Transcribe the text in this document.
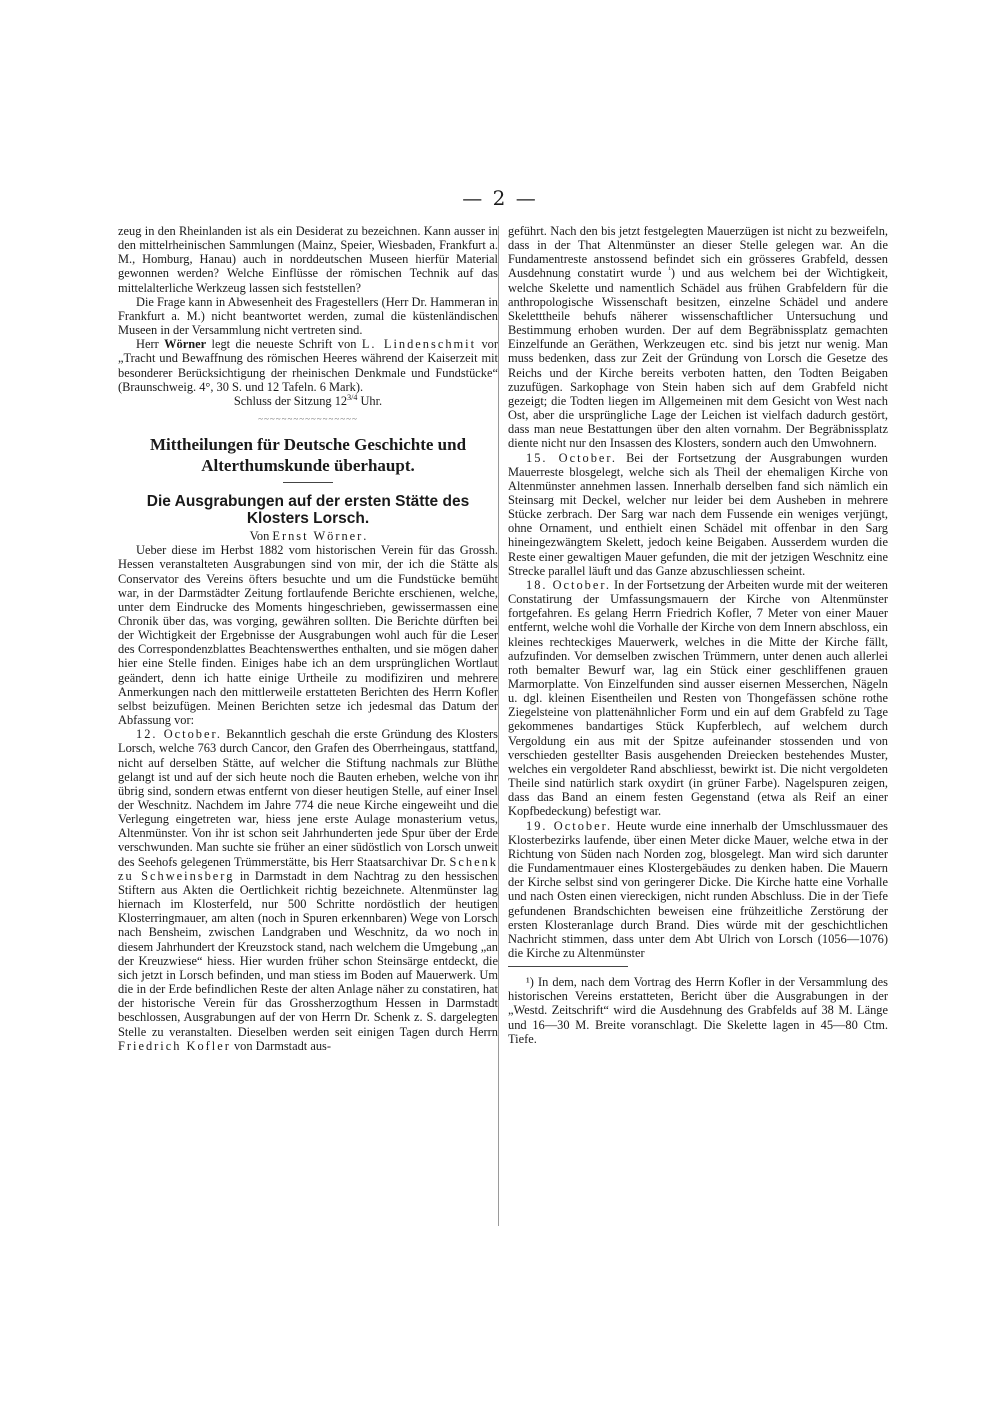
— 2 —

zeug in den Rheinlanden ist als ein Desiderat zu bezeichnen. Kann ausser in den mittelrheinischen Sammlungen (Mainz, Speier, Wiesbaden, Frankfurt a. M., Homburg, Hanau) auch in norddeutschen Museen hierfür Material gewonnen werden? Welche Einflüsse der römischen Technik auf das mittelalterliche Werkzeug lassen sich feststellen?

Die Frage kann in Abwesenheit des Fragestellers (Herr Dr. Hammeran in Frankfurt a. M.) nicht beantwortet werden, zumal die küstenländischen Museen in der Versammlung nicht vertreten sind.

Herr Wörner legt die neueste Schrift von L. Lindenschmit vor „Tracht und Bewaffnung des römischen Heeres während der Kaiserzeit mit besonderer Berücksichtigung der rheinischen Denkmale und Fundstücke“ (Braunschweig. 4°, 30 S. und 12 Tafeln. 6 Mark).

Schluss der Sitzung $12^{3/4}$ Uhr.

~~~~~~~~~~~~~~~~~
Mittheilungen für Deutsche Geschichte und Alterthumskunde überhaupt.
Die Ausgrabungen auf der ersten Stätte des Klosters Lorsch.

Von Ernst Wörner.

Ueber diese im Herbst 1882 vom historischen Verein für das Grossh. Hessen veranstalteten Ausgrabungen sind von mir, der ich die Stätte als Conservator des Vereins öfters besuchte und um die Fundstücke bemüht war, in der Darmstädter Zeitung fortlaufende Berichte erschienen, welche, unter dem Eindrucke des Moments hingeschrieben, gewissermassen eine Chronik über das, was vorging, gewähren sollten. Die Berichte dürften bei der Wichtigkeit der Ergebnisse der Ausgrabungen wohl auch für die Leser des Correspondenzblattes Beachtenswerthes enthalten, und sie mögen daher hier eine Stelle finden. Einiges habe ich an dem ursprünglichen Wortlaut geändert, denn ich hatte einige Urtheile zu modifiziren und mehrere Anmerkungen nach den mittlerweile erstatteten Berichten des Herrn Kofler selbst beizufügen. Meinen Berichten setze ich jedesmal das Datum der Abfassung vor:

12. October. Bekanntlich geschah die erste Gründung des Klosters Lorsch, welche 763 durch Cancor, den Grafen des Oberrheingaus, stattfand, nicht auf derselben Stätte, auf welcher die Stiftung nachmals zur Blüthe gelangt ist und auf der sich heute noch die Bauten erheben, welche von ihr übrig sind, sondern etwas entfernt von dieser heutigen Stelle, auf einer Insel der Weschnitz. Nachdem im Jahre 774 die neue Kirche eingeweiht und die Verlegung eingetreten war, hiess jene erste Aulage monasterium vetus, Altenmünster. Von ihr ist schon seit Jahrhunderten jede Spur über der Erde verschwunden. Man suchte sie früher an einer südöstlich von Lorsch unweit des Seehofs gelegenen Trümmerstätte, bis Herr Staatsarchivar Dr. Schenk zu Schweinsberg in Darmstadt in dem Nachtrag zu den hessischen Stiftern aus Akten die Oertlichkeit richtig bezeichnete. Altenmünster lag hiernach im Klosterfeld, nur 500 Schritte nordöstlich der heutigen Klosterringmauer, am alten (noch in Spuren erkennbaren) Wege von Lorsch nach Bensheim, zwischen Landgraben und Weschnitz, da wo noch in diesem Jahrhundert der Kreuzstock stand, nach welchem die Umgebung „an der Kreuzwiese“ hiess. Hier wurden früher schon Steinsärge entdeckt, die sich jetzt in Lorsch befinden, und man stiess im Boden auf Mauerwerk. Um die in der Erde befindlichen Reste der alten Anlage näher zu constatiren, hat der historische Verein für das Grossherzogthum Hessen in Darmstadt beschlossen, Ausgrabungen auf der von Herrn Dr. Schenk z. S. dargelegten Stelle zu veranstalten. Dieselben werden seit einigen Tagen durch Herrn Friedrich Kofler von Darmstadt aus-

geführt. Nach den bis jetzt festgelegten Mauerzügen ist nicht zu bezweifeln, dass in der That Altenmünster an dieser Stelle gelegen war. An die Fundamentreste anstossend befindet sich ein grösseres Grabfeld, dessen Ausdehnung constatirt wurde $^{^1}$) und aus welchem bei der Wichtigkeit, welche Skelette und namentlich Schädel aus frühen Grabfeldern für die anthropologische Wissenschaft besitzen, einzelne Schädel und andere Skeletttheile behufs näherer wissenschaftlicher Untersuchung und Bestimmung erhoben wurden. Der auf dem Begräbnissplatz gemachten Einzelfunde an Geräthen, Werkzeugen etc. sind bis jetzt nur wenig. Man muss bedenken, dass zur Zeit der Gründung von Lorsch die Gesetze des Reichs und der Kirche bereits verboten hatten, den Todten Beigaben zuzufügen. Sarkophage von Stein haben sich auf dem Grabfeld nicht gezeigt; die Todten liegen im Allgemeinen mit dem Gesicht von West nach Ost, aber die ursprüngliche Lage der Leichen ist vielfach dadurch gestört, dass man neue Bestattungen über den alten vornahm. Der Begräbnissplatz diente nicht nur den Insassen des Klosters, sondern auch den Umwohnern.

15. October. Bei der Fortsetzung der Ausgrabungen wurden Mauerreste blosgelegt, welche sich als Theil der ehemaligen Kirche von Altenmünster annehmen lassen. Innerhalb derselben fand sich nämlich ein Steinsarg mit Deckel, welcher nur leider bei dem Ausheben in mehrere Stücke zerbrach. Der Sarg war nach dem Fussende ein weniges verjüngt, ohne Ornament, und enthielt einen Schädel mit offenbar in den Sarg hineingezwängtem Skelett, jedoch keine Beigaben. Ausserdem wurden die Reste einer gewaltigen Mauer gefunden, die mit der jetzigen Weschnitz eine Strecke parallel läuft und das Ganze abzuschliessen scheint.

18. October. In der Fortsetzung der Arbeiten wurde mit der weiteren Constatirung der Umfassungsmauern der Kirche von Altenmünster fortgefahren. Es gelang Herrn Friedrich Kofler, 7 Meter von einer Mauer entfernt, welche wohl die Vorhalle der Kirche von dem Innern abschloss, ein kleines rechteckiges Mauerwerk, welches in die Mitte der Kirche fällt, aufzufinden. Vor demselben zwischen Trümmern, unter denen auch allerlei roth bemalter Bewurf war, lag ein Stück einer geschliffenen grauen Marmorplatte. Von Einzelfunden sind ausser eisernen Messerchen, Nägeln u. dgl. kleinen Eisentheilen und Resten von Thongefässen schöne rothe Ziegelsteine von plattenähnlicher Form und ein auf dem Grabfeld zu Tage gekommenes bandartiges Stück Kupferblech, auf welchem durch Vergoldung ein aus mit der Spitze aufeinander stossenden und von verschieden gestellter Basis ausgehenden Dreiecken bestehendes Muster, welches ein vergoldeter Rand abschliesst, bewirkt ist. Die nicht vergoldeten Theile sind natürlich stark oxydirt (in grüner Farbe). Nagelspuren zeigen, dass das Band an einem festen Gegenstand (etwa als Reif an einer Kopfbedeckung) befestigt war.

19. October. Heute wurde eine innerhalb der Umschlussmauer des Klosterbezirks laufende, über einen Meter dicke Mauer, welche etwa in der Richtung von Süden nach Norden zog, blosgelegt. Man wird sich darunter die Fundamentmauer eines Klostergebäudes zu denken haben. Die Mauern der Kirche selbst sind von geringerer Dicke. Die Kirche hatte eine Vorhalle und nach Osten einen viereckigen, nicht runden Abschluss. Die in der Tiefe gefundenen Brandschichten beweisen eine frühzeitliche Zerstörung der ersten Klosteranlage durch Brand. Dies würde mit der geschichtlichen Nachricht stimmen, dass unter dem Abt Ulrich von Lorsch (1056—1076) die Kirche zu Altenmünster

¹) In dem, nach dem Vortrag des Herrn Kofler in der Versammlung des historischen Vereins erstatteten, Bericht über die Ausgrabungen in der „Westd. Zeitschrift“ wird die Ausdehnung des Grabfelds auf 38 M. Länge und 16—30 M. Breite voranschlagt. Die Skelette lagen in 45—80 Ctm. Tiefe.
